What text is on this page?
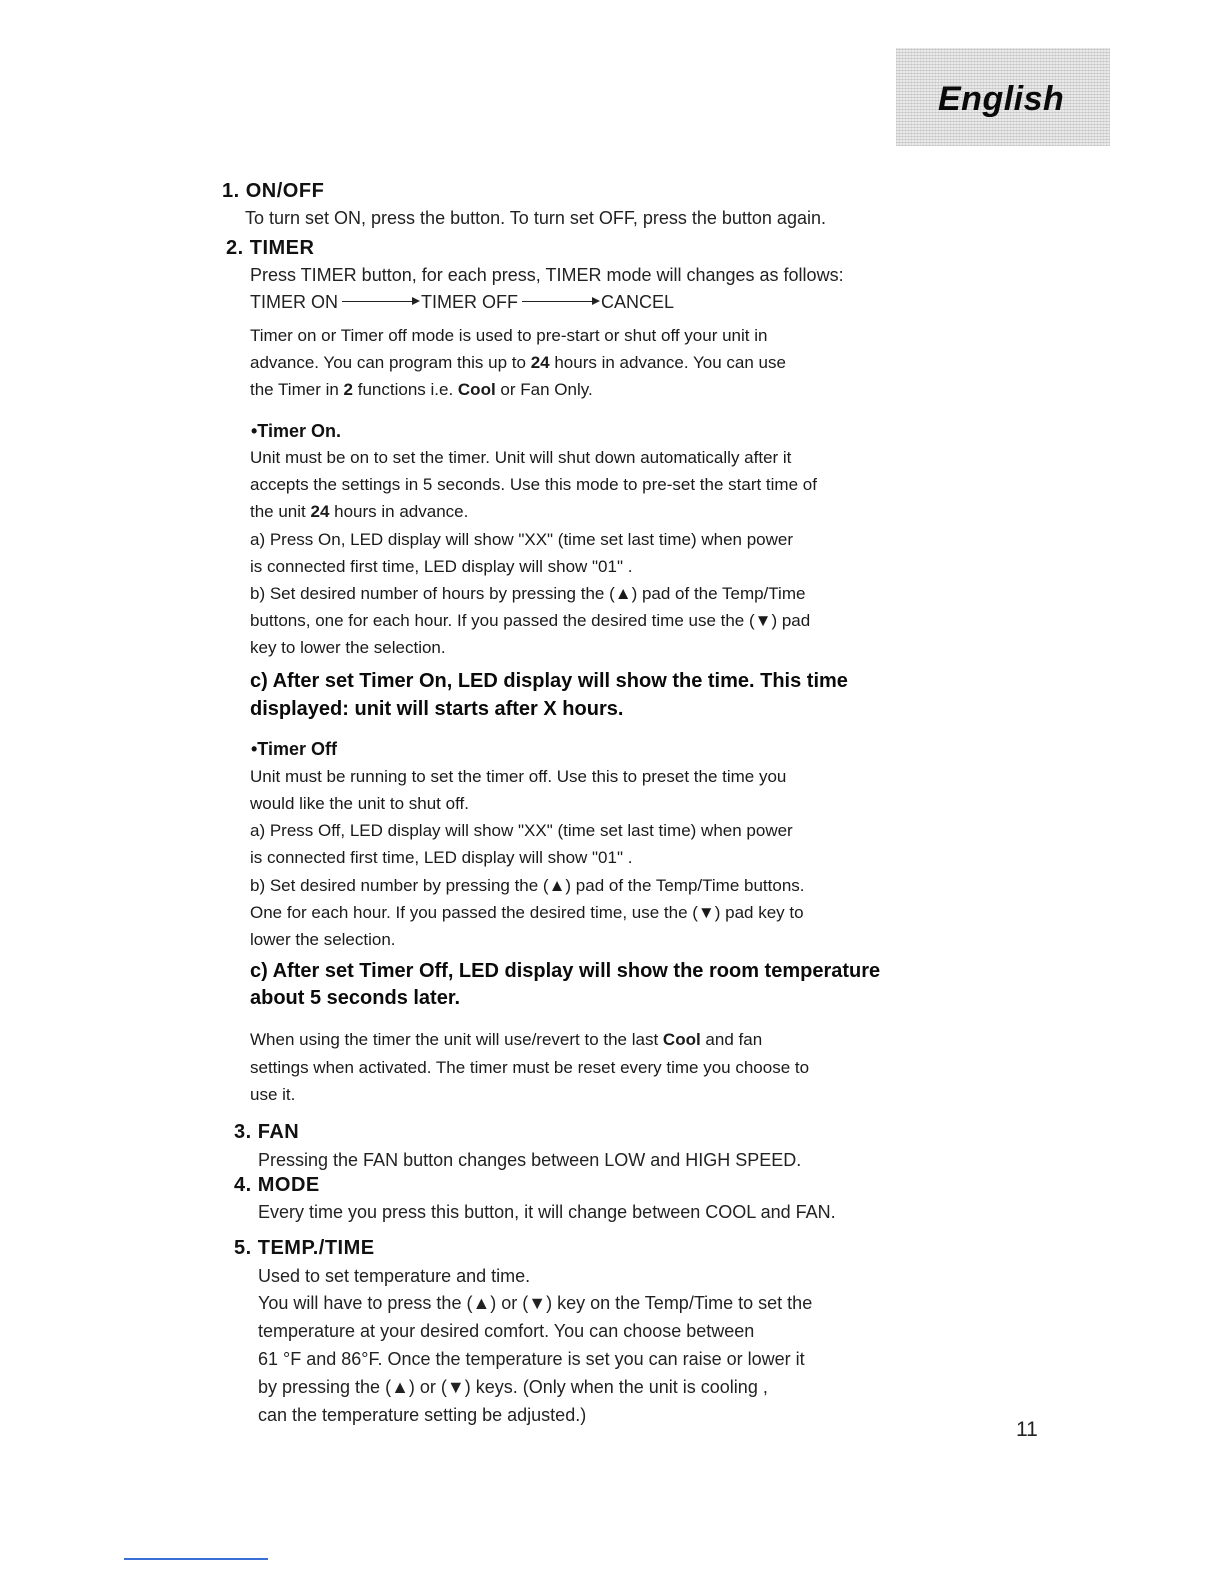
English
1. ON/OFF
To turn set ON, press the button. To turn set OFF, press the button again.
2. TIMER
Press TIMER button, for each press, TIMER mode will changes as follows:
TIMER ON	TIMER OFF	CANCEL
Timer on or Timer off mode is used to pre-start or shut off your unit in
advance. You can program this up to 24 hours in advance. You can use
the Timer in 2 functions i.e. Cool or Fan Only.
•Timer On.
Unit must be on to set the timer. Unit will shut down automatically after it
accepts the settings in 5 seconds. Use this mode to pre-set the start time of
the unit 24 hours in advance.
a) Press On, LED display will show "XX" (time set last time) when power
is connected first time, LED display will show "01" .
b) Set desired number of hours by pressing the (▲) pad of the Temp/Time
buttons, one for each hour. If you passed the desired time use the (▼) pad
key to lower the selection.
c) After set Timer On, LED display will show the time. This time
displayed: unit will starts after X hours.
•Timer Off
Unit must be running to set the timer off. Use this to preset the time you
would like the unit to shut off.
a) Press Off, LED display will show "XX" (time set last time) when power
is connected first time, LED display will show "01" .
b) Set desired number by pressing the (▲) pad of the Temp/Time buttons.
One for each hour. If you passed the desired time, use the (▼) pad key to
lower the selection.
c) After set Timer Off, LED display will show the room temperature
about 5 seconds later.
When using the timer the unit will use/revert to the last Cool and fan
settings when activated. The timer must be reset every time you choose to
use it.
3. FAN
Pressing the FAN button changes between LOW and HIGH SPEED.
4. MODE
Every time you press this button, it will change between COOL and FAN.
5. TEMP./TIME
Used to set temperature and time.
You will have to press the (▲) or (▼) key on the Temp/Time to set the
temperature at your desired comfort. You can choose between
61 °F and 86°F. Once the temperature is set you can raise or lower it
by pressing the (▲) or (▼) keys. (Only when the unit is cooling ,
can the temperature setting be adjusted.)
11
